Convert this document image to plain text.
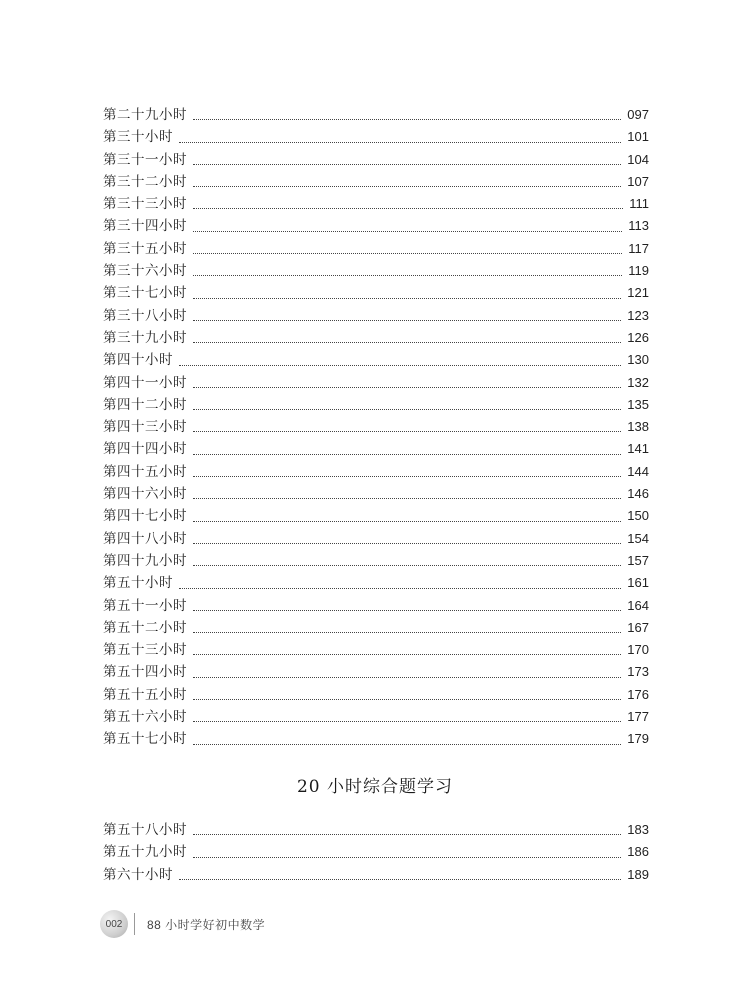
第二十九小时	097
第三十小时	101
第三十一小时	104
第三十二小时	107
第三十三小时	111
第三十四小时	113
第三十五小时	117
第三十六小时	119
第三十七小时	121
第三十八小时	123
第三十九小时	126
第四十小时	130
第四十一小时	132
第四十二小时	135
第四十三小时	138
第四十四小时	141
第四十五小时	144
第四十六小时	146
第四十七小时	150
第四十八小时	154
第四十九小时	157
第五十小时	161
第五十一小时	164
第五十二小时	167
第五十三小时	170
第五十四小时	173
第五十五小时	176
第五十六小时	177
第五十七小时	179
20 小时综合题学习
第五十八小时	183
第五十九小时	186
第六十小时	189
002	88 小时学好初中数学
